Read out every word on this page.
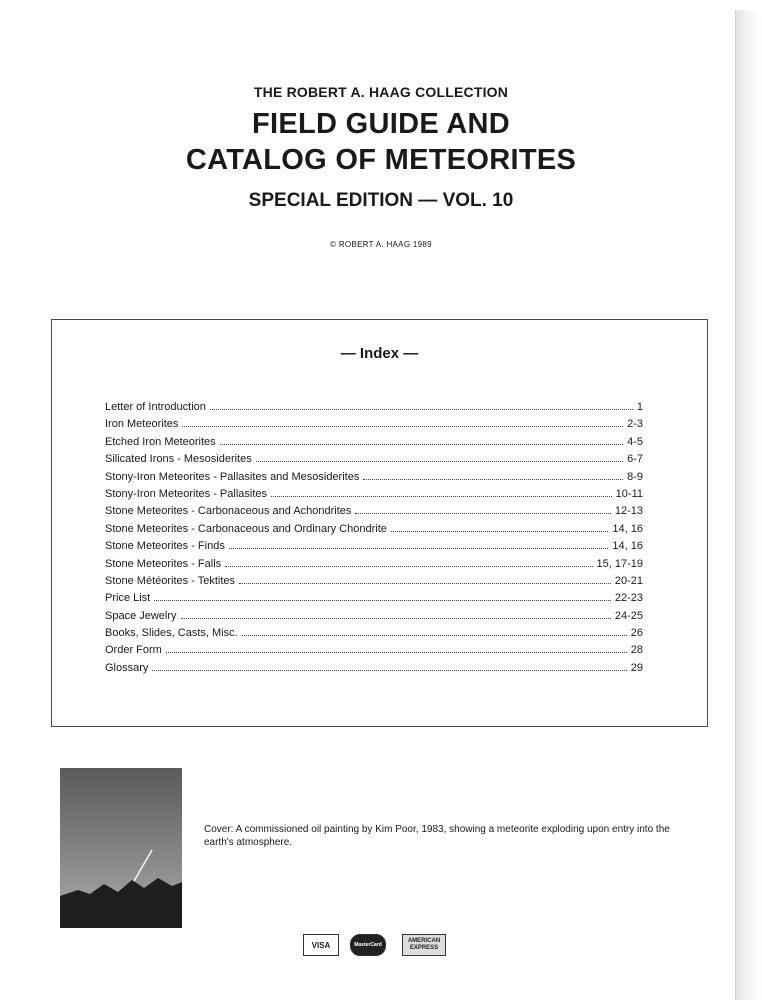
THE ROBERT A. HAAG COLLECTION
FIELD GUIDE AND
CATALOG OF METEORITES
SPECIAL EDITION — VOL. 10
© ROBERT A. HAAG 1989
— Index —
Letter of Introduction	1
Iron Meteorites	2-3
Etched Iron Meteorites	4-5
Silicated Irons - Mesosiderites	6-7
Stony-Iron Meteorites - Pallasites and Mesosiderites	8-9
Stony-Iron Meteorites - Pallasites	10-11
Stone Meteorites - Carbonaceous and Achondrites	12-13
Stone Meteorites - Carbonaceous and Ordinary Chondrite	14, 16
Stone Meteorites - Finds	14, 16
Stone Meteorites - Falls	15, 17-19
Stone Météorites - Tektites	20-21
Price List	22-23
Space Jewelry	24-25
Books, Slides, Casts, Misc.	26
Order Form	28
Glossary	29
Cover: A commissioned oil painting by Kim Poor, 1983, showing a meteorite exploding upon entry into the earth's atmosphere.
VISA	MasterCard
AMERICAN
EXPRESS
